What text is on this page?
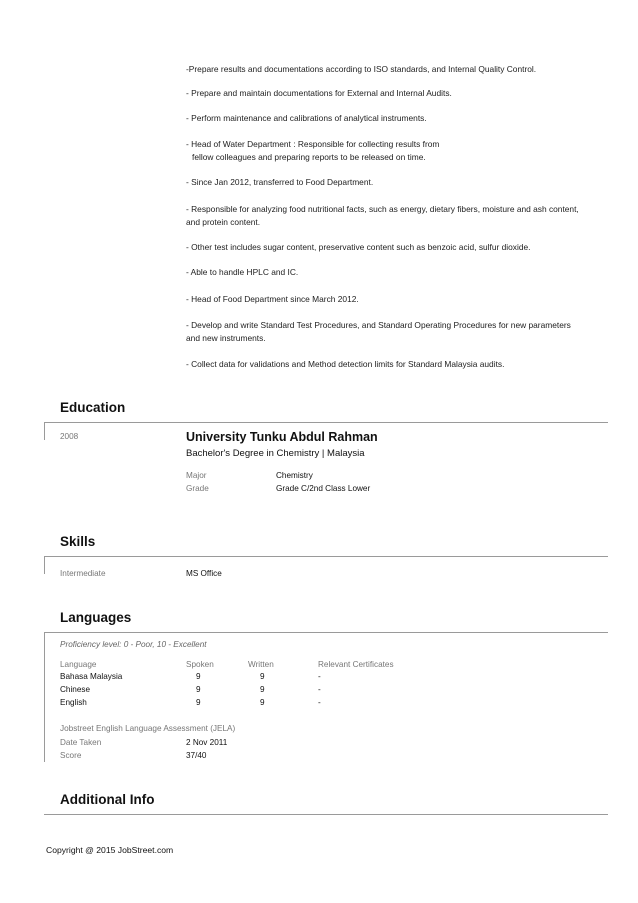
-Prepare results and documentations according to ISO standards, and Internal Quality Control.
- Prepare and maintain documentations for External and Internal Audits.
- Perform maintenance and calibrations of analytical instruments.
- Head of Water Department : Responsible for collecting results from
fellow colleagues and preparing reports to be released on time.
- Since Jan 2012, transferred to Food Department.
- Responsible for analyzing food nutritional facts, such as energy, dietary fibers, moisture and ash content,
and protein content.
- Other test includes sugar content, preservative content such as benzoic acid, sulfur dioxide.
- Able to handle HPLC and IC.
- Head of Food Department since March 2012.
- Develop and write Standard Test Procedures, and Standard Operating Procedures for new parameters
and new instruments.
- Collect data for validations and Method detection limits for Standard Malaysia audits.
Education
2008	University Tunku Abdul Rahman
Bachelor's Degree in Chemistry | Malaysia
Major	Chemistry
Grade	Grade C/2nd Class Lower
Skills
Intermediate	MS Office
Languages
Proficiency level: 0 - Poor, 10 - Excellent
Language	Spoken	Written	Relevant Certificates
Bahasa Malaysia	9	9	-
Chinese	9	9	-
English	9	9	-
Jobstreet English Language Assessment (JELA)
Date Taken	2 Nov 2011
Score	37/40
Additional Info
Copyright @ 2015 JobStreet.com
